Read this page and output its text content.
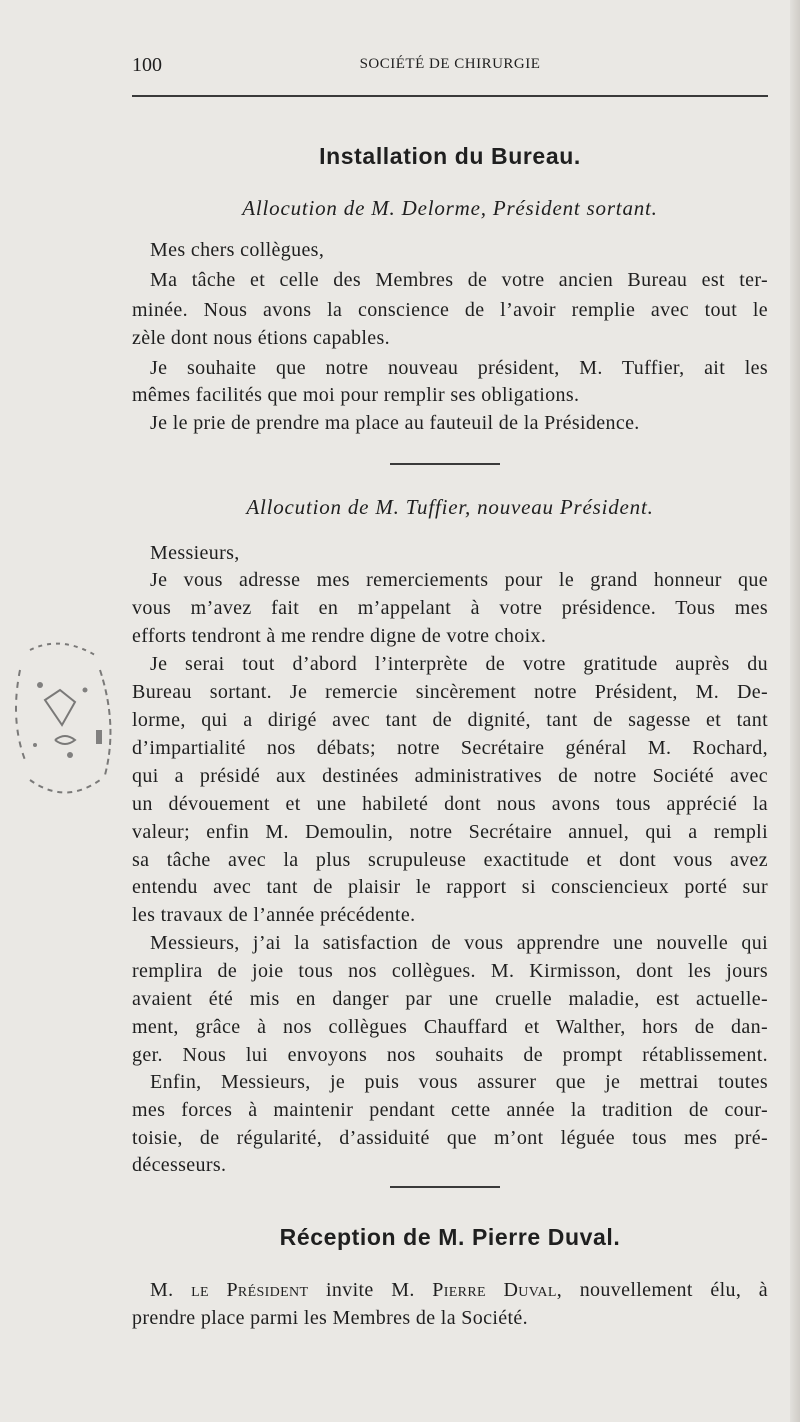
100	SOCIÉTÉ DE CHIRURGIE
Installation du Bureau.
Allocution de M. Delorme, Président sortant.

Mes chers collègues,

Ma tâche et celle des Membres de votre ancien Bureau est ter-

minée. Nous avons la conscience de l’avoir remplie avec tout le

zèle dont nous étions capables.

Je souhaite que notre nouveau président, M. Tuffier, ait les

mêmes facilités que moi pour remplir ses obligations.

Je le prie de prendre ma place au fauteuil de la Présidence.

Allocution de M. Tuffier, nouveau Président.

Messieurs,

Je vous adresse mes remerciements pour le grand honneur que

vous m’avez fait en m’appelant à votre présidence. Tous mes

efforts tendront à me rendre digne de votre choix.

Je serai tout d’abord l’interprète de votre gratitude auprès du

Bureau sortant. Je remercie sincèrement notre Président, M. De-

lorme, qui a dirigé avec tant de dignité, tant de sagesse et tant

d’impartialité nos débats; notre Secrétaire général M. Rochard,

qui a présidé aux destinées administratives de notre Société avec

un dévouement et une habileté dont nous avons tous apprécié la

valeur; enfin M. Demoulin, notre Secrétaire annuel, qui a rempli

sa tâche avec la plus scrupuleuse exactitude et dont vous avez

entendu avec tant de plaisir le rapport si consciencieux porté sur

les travaux de l’année précédente.

Messieurs, j’ai la satisfaction de vous apprendre une nouvelle qui

remplira de joie tous nos collègues. M. Kirmisson, dont les jours

avaient été mis en danger par une cruelle maladie, est actuelle-

ment, grâce à nos collègues Chauffard et Walther, hors de dan-

ger. Nous lui envoyons nos souhaits de prompt rétablissement.

Enfin, Messieurs, je puis vous assurer que je mettrai toutes

mes forces à maintenir pendant cette année la tradition de cour-

toisie, de régularité, d’assiduité que m’ont léguée tous mes pré-

décesseurs.

Réception de M. Pierre Duval.

M. le Président invite M. Pierre Duval, nouvellement élu, à

prendre place parmi les Membres de la Société.
